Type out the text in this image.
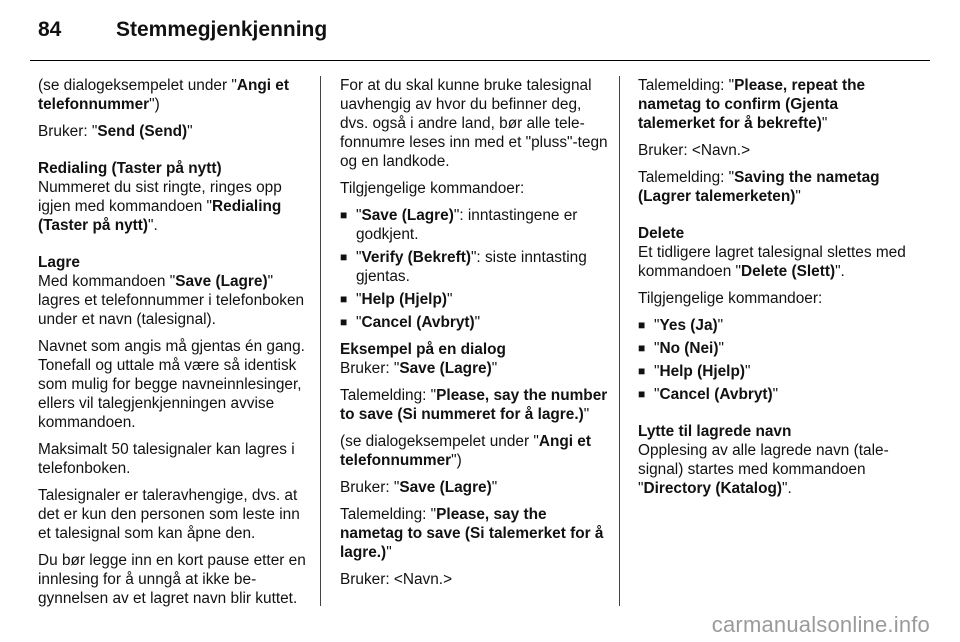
84	Stemmegjenkjenning

(se dialogeksempelet under "Angi et telefonnummer")

Bruker: "Send (Send)"

Redialing (Taster på nytt)
Nummeret du sist ringte, ringes opp igjen med kommandoen "Redialing (Taster på nytt)".

Lagre
Med kommandoen "Save (Lagre)" lagres et telefonnummer i telefonboken under et navn (talesignal).

Navnet som angis må gjentas én gang. Tonefall og uttale må være så identisk som mulig for begge navneinnlesinger, ellers vil talegjenkjenningen avvise kommandoen.

Maksimalt 50 talesignaler kan lagres i telefonboken.

Talesignaler er taleravhengige, dvs. at det er kun den personen som leste inn et talesignal som kan åpne den.

Du bør legge inn en kort pause etter en innlesing for å unngå at ikke begynnelsen av et lagret navn blir kuttet.

For at du skal kunne bruke talesignal uavhengig av hvor du befinner deg, dvs. også i andre land, bør alle telefonnumre leses inn med et "pluss"-tegn og en landkode.

Tilgjengelige kommandoer:

■ "Save (Lagre)": inntastingene er godkjent.
■ "Verify (Bekreft)": siste inntasting gjentas.
■ "Help (Hjelp)"
■ "Cancel (Avbryt)"

Eksempel på en dialog
Bruker: "Save (Lagre)"

Talemelding: "Please, say the number to save (Si nummeret for å lagre.)"

(se dialogeksempelet under "Angi et telefonnummer")

Bruker: "Save (Lagre)"

Talemelding: "Please, say the nametag to save (Si talemerket for å lagre.)"

Bruker: <Navn.>

Talemelding: "Please, repeat the nametag to confirm (Gjenta talemerket for å bekrefte)"

Bruker: <Navn.>

Talemelding: "Saving the nametag (Lagrer talemerketen)"

Delete
Et tidligere lagret talesignal slettes med kommandoen "Delete (Slett)".

Tilgjengelige kommandoer:

■ "Yes (Ja)"
■ "No (Nei)"
■ "Help (Hjelp)"
■ "Cancel (Avbryt)"

Lytte til lagrede navn
Opplesing av alle lagrede navn (talesignal) startes med kommandoen "Directory (Katalog)".

carmanualsonline.info
